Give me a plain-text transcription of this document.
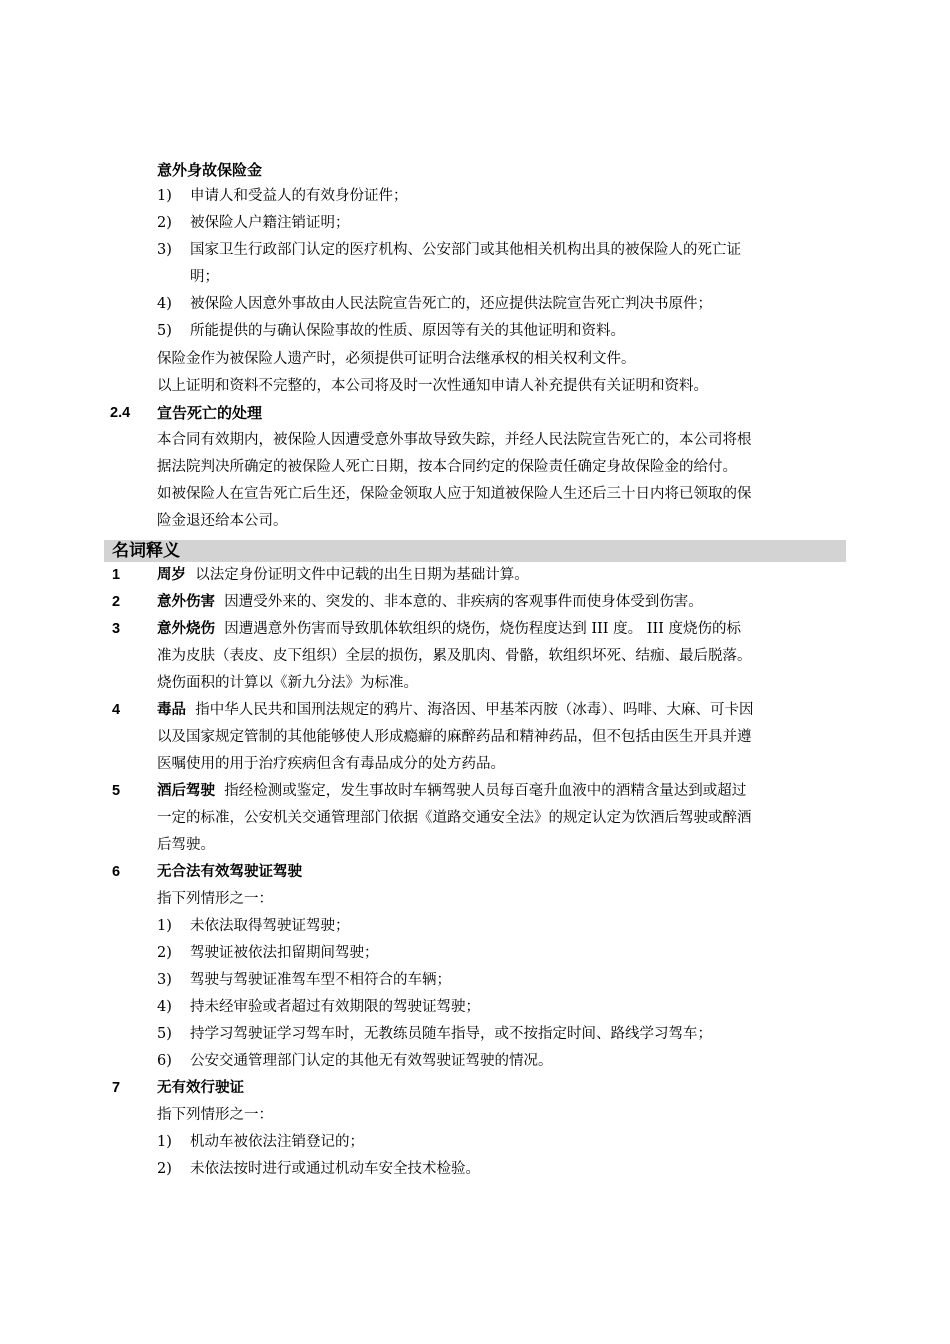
意外身故保险金
1) 申请人和受益人的有效身份证件；
2) 被保险人户籍注销证明；
3) 国家卫生行政部门认定的医疗机构、公安部门或其他相关机构出具的被保险人的死亡证
明；
4) 被保险人因意外事故由人民法院宣告死亡的，还应提供法院宣告死亡判决书原件；
5) 所能提供的与确认保险事故的性质、原因等有关的其他证明和资料。
保险金作为被保险人遗产时，必须提供可证明合法继承权的相关权利文件。
以上证明和资料不完整的，本公司将及时一次性通知申请人补充提供有关证明和资料。
2.4 宣告死亡的处理
本合同有效期内，被保险人因遭受意外事故导致失踪，并经人民法院宣告死亡的，本公司将根
据法院判决所确定的被保险人死亡日期，按本合同约定的保险责任确定身故保险金的给付。
如被保险人在宣告死亡后生还，保险金领取人应于知道被保险人生还后三十日内将已领取的保
险金退还给本公司。
名词释义
1	周岁 以法定身份证明文件中记载的出生日期为基础计算。
2	意外伤害 因遭受外来的、突发的、非本意的、非疾病的客观事件而使身体受到伤害。
3	意外烧伤 因遭遇意外伤害而导致肌体软组织的烧伤，烧伤程度达到 III 度。 III 度烧伤的标
准为皮肤（表皮、皮下组织）全层的损伤，累及肌肉、骨骼，软组织坏死、结痂、最后脱落。
烧伤面积的计算以《新九分法》为标准。
4	毒品 指中华人民共和国刑法规定的鸦片、海洛因、甲基苯丙胺（冰毒）、吗啡、大麻、可卡因
以及国家规定管制的其他能够使人形成瘾癖的麻醉药品和精神药品，但不包括由医生开具并遵
医嘱使用的用于治疗疾病但含有毒品成分的处方药品。
5	酒后驾驶 指经检测或鉴定，发生事故时车辆驾驶人员每百毫升血液中的酒精含量达到或超过
一定的标准，公安机关交通管理部门依据《道路交通安全法》的规定认定为饮酒后驾驶或醉酒
后驾驶。
6	无合法有效驾驶证驾驶
指下列情形之一：
1) 未依法取得驾驶证驾驶；
2) 驾驶证被依法扣留期间驾驶；
3) 驾驶与驾驶证准驾车型不相符合的车辆；
4) 持未经审验或者超过有效期限的驾驶证驾驶；
5) 持学习驾驶证学习驾车时，无教练员随车指导，或不按指定时间、路线学习驾车；
6) 公安交通管理部门认定的其他无有效驾驶证驾驶的情况。
7	无有效行驶证
指下列情形之一：
1) 机动车被依法注销登记的；
2) 未依法按时进行或通过机动车安全技术检验。
